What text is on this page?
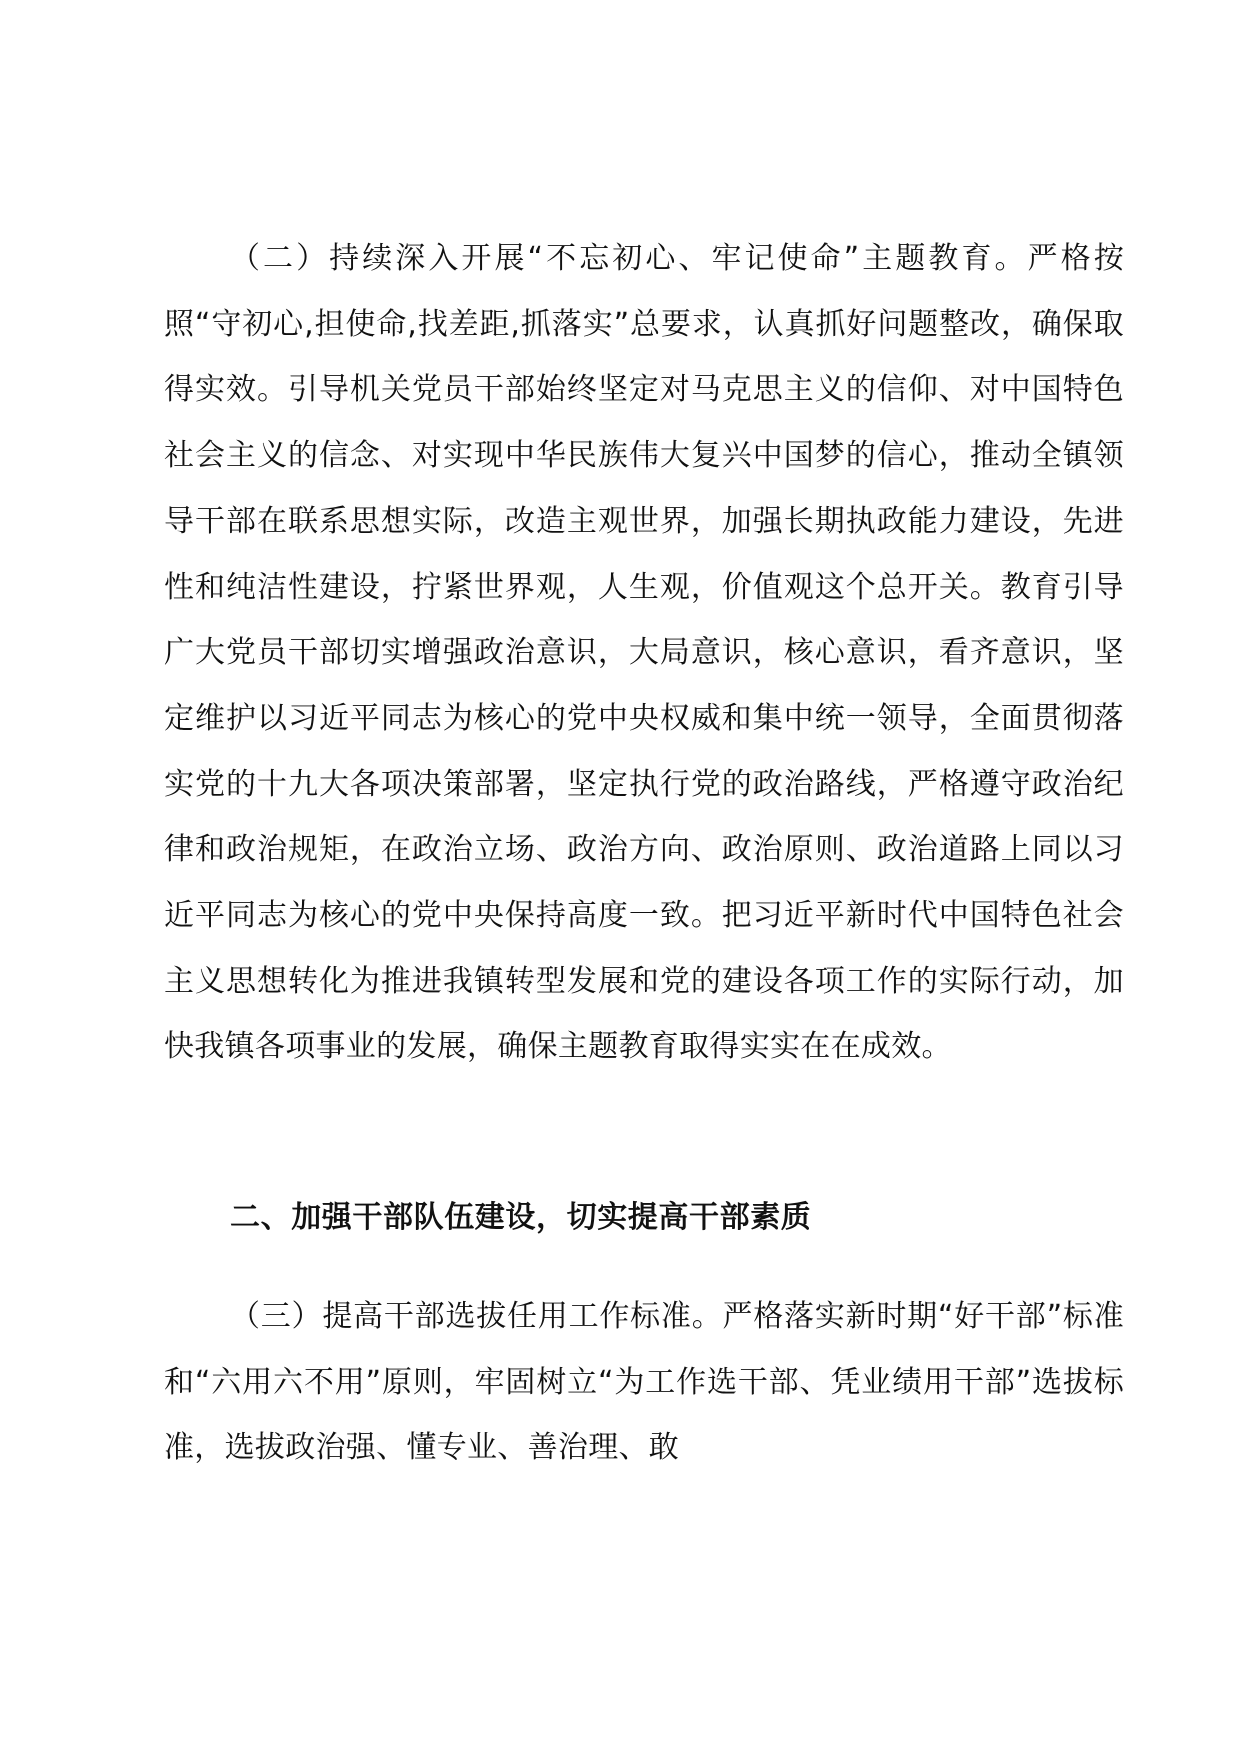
（二）持续深入开展“不忘初心、牢记使命”主题教育。严格按照“守初心,担使命,找差距,抓落实”总要求，认真抓好问题整改，确保取得实效。引导机关党员干部始终坚定对马克思主义的信仰、对中国特色社会主义的信念、对实现中华民族伟大复兴中国梦的信心，推动全镇领导干部在联系思想实际，改造主观世界，加强长期执政能力建设，先进性和纯洁性建设，拧紧世界观，人生观，价值观这个总开关。教育引导广大党员干部切实增强政治意识，大局意识，核心意识，看齐意识，坚定维护以习近平同志为核心的党中央权威和集中统一领导，全面贯彻落实党的十九大各项决策部署，坚定执行党的政治路线，严格遵守政治纪律和政治规矩，在政治立场、政治方向、政治原则、政治道路上同以习近平同志为核心的党中央保持高度一致。把习近平新时代中国特色社会主义思想转化为推进我镇转型发展和党的建设各项工作的实际行动，加快我镇各项事业的发展，确保主题教育取得实实在在成效。

二、加强干部队伍建设，切实提高干部素质

（三）提高干部选拔任用工作标准。严格落实新时期“好干部”标准和“六用六不用”原则，牢固树立“为工作选干部、凭业绩用干部”选拔标准，选拔政治强、懂专业、善治理、敢
